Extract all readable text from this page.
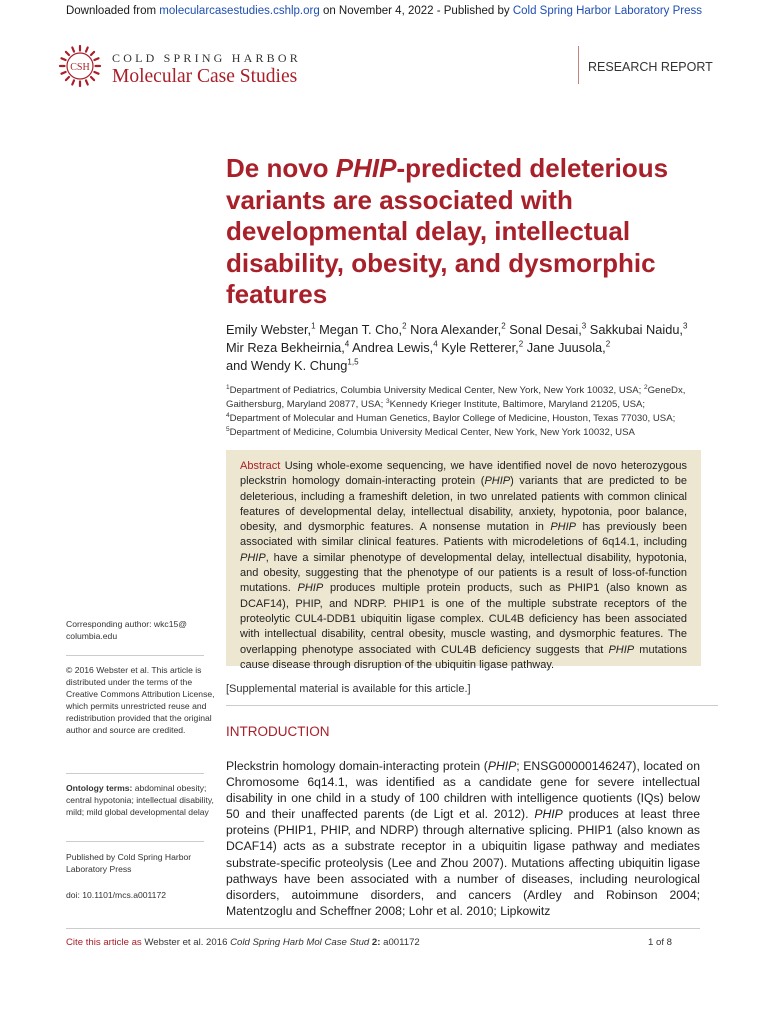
Downloaded from molecularcasestudies.cshlp.org on November 4, 2022 - Published by Cold Spring Harbor Laboratory Press
CSH
COLD SPRING HARBOR
Molecular Case Studies	RESEARCH REPORT
De novo PHIP-predicted deleterious variants are associated with developmental delay, intellectual disability, obesity, and dysmorphic features
Emily Webster,$^1$ Megan T. Cho,$^2$ Nora Alexander,$^2$ Sonal Desai,$^3$ Sakkubai Naidu,$^3$
Mir Reza Bekheirnia,$^4$ Andrea Lewis,$^4$ Kyle Retterer,$^2$ Jane Juusola,$^2$
and Wendy K. Chung$^{1,5}$
$^1$Department of Pediatrics, Columbia University Medical Center, New York, New York 10032, USA; $^2$GeneDx, Gaithersburg, Maryland 20877, USA; $^3$Kennedy Krieger Institute, Baltimore, Maryland 21205, USA;
$^4$Department of Molecular and Human Genetics, Baylor College of Medicine, Houston, Texas 77030, USA;
$^5$Department of Medicine, Columbia University Medical Center, New York, New York 10032, USA
Abstract Using whole-exome sequencing, we have identified novel de novo heterozygous pleckstrin homology domain-interacting protein (PHIP) variants that are predicted to be deleterious, including a frameshift deletion, in two unrelated patients with common clinical features of developmental delay, intellectual disability, anxiety, hypotonia, poor balance, obesity, and dysmorphic features. A nonsense mutation in PHIP has previously been associated with similar clinical features. Patients with microdeletions of 6q14.1, including PHIP, have a similar phenotype of developmental delay, intellectual disability, hypotonia, and obesity, suggesting that the phenotype of our patients is a result of loss-of-function mutations. PHIP produces multiple protein products, such as PHIP1 (also known as DCAF14), PHIP, and NDRP. PHIP1 is one of the multiple substrate receptors of the proteolytic CUL4-DDB1 ubiquitin ligase complex. CUL4B deficiency has been associated with intellectual disability, central obesity, muscle wasting, and dysmorphic features. The overlapping phenotype associated with CUL4B deficiency suggests that PHIP mutations cause disease through disruption of the ubiquitin ligase pathway.
[Supplemental material is available for this article.]
INTRODUCTION
Pleckstrin homology domain-interacting protein (PHIP; ENSG00000146247), located on Chromosome 6q14.1, was identified as a candidate gene for severe intellectual disability in one child in a study of 100 children with intelligence quotients (IQs) below 50 and their unaffected parents (de Ligt et al. 2012). PHIP produces at least three proteins (PHIP1, PHIP, and NDRP) through alternative splicing. PHIP1 (also known as DCAF14) acts as a substrate receptor in a ubiquitin ligase pathway and mediates substrate-specific proteolysis (Lee and Zhou 2007). Mutations affecting ubiquitin ligase pathways have been associated with a number of diseases, including neurological disorders, autoimmune disorders, and cancers (Ardley and Robinson 2004; Matentzoglu and Scheffner 2008; Lohr et al. 2010; Lipkowitz
Corresponding author: wkc15@ columbia.edu
© 2016 Webster et al. This article is distributed under the terms of the Creative Commons Attribution License, which permits unrestricted reuse and redistribution provided that the original author and source are credited.
Ontology terms: abdominal obesity; central hypotonia; intellectual disability, mild; mild global developmental delay
Published by Cold Spring Harbor Laboratory Press
doi: 10.1101/mcs.a001172
Cite this article as Webster et al. 2016 Cold Spring Harb Mol Case Stud 2: a001172	1 of 8
